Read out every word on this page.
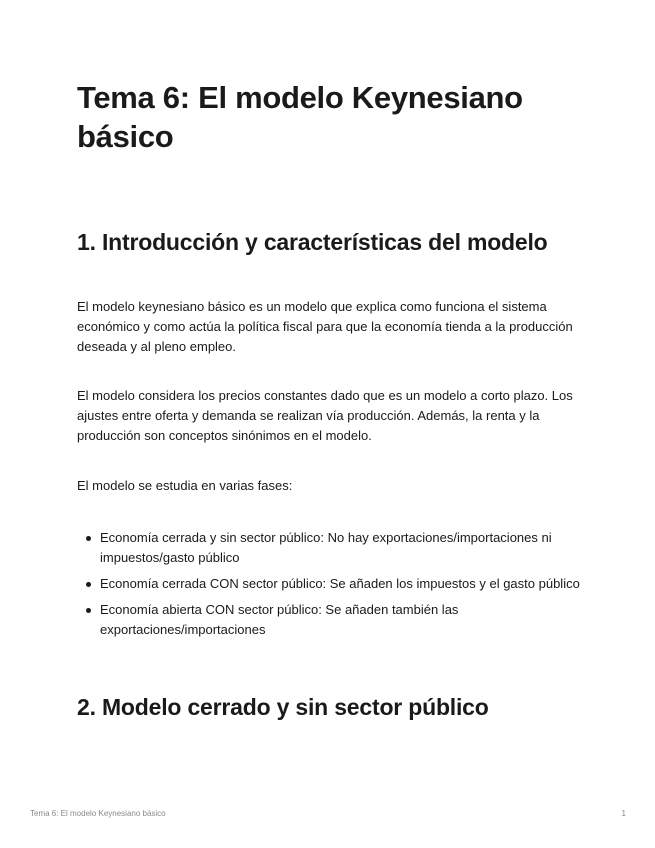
Tema 6: El modelo Keynesiano básico
1. Introducción y características del modelo

El modelo keynesiano básico es un modelo que explica como funciona el sistema económico y como actúa la política fiscal para que la economía tienda a la producción deseada y al pleno empleo.

El modelo considera los precios constantes dado que es un modelo a corto plazo. Los ajustes entre oferta y demanda se realizan vía producción. Además, la renta y la producción son conceptos sinónimos en el modelo.

El modelo se estudia en varias fases:

Economía cerrada y sin sector público: No hay exportaciones/importaciones ni impuestos/gasto público
Economía cerrada CON sector público: Se añaden los impuestos y el gasto público
Economía abierta CON sector público: Se añaden también las exportaciones/importaciones
2. Modelo cerrado y sin sector público
Tema 6: El modelo Keynesiano básico	1
